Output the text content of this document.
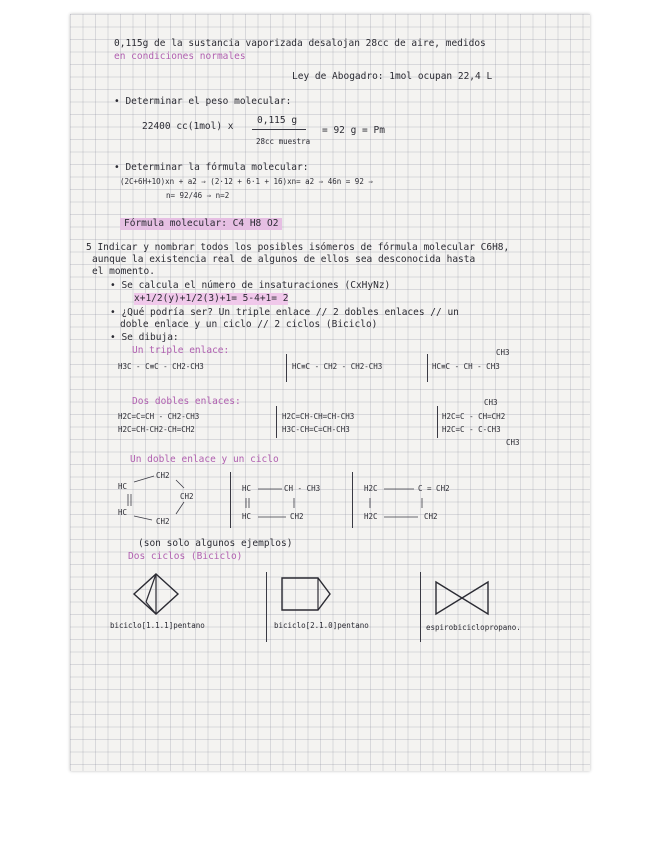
0,115g de la sustancia vaporizada desalojan 28cc de aire, medidos
en condiciones normales
Ley de Abogadro: 1mol ocupan 22,4 L
• Determinar el peso molecular:
22400 cc(1mol) x
0,115 g
28cc muestra
= 92 g = Pm
• Determinar la fórmula molecular:
(2C+6H+1O)xn + a2 ⇒ (2·12 + 6·1 + 16)xn= a2 ⇒ 46n = 92 ⇒
n= 92/46 ⇒ n=2
Fórmula molecular: C4 H8 O2
5 Indicar y nombrar todos los posibles isómeros de fórmula molecular C6H8,
aunque la existencia real de algunos de ellos sea desconocida hasta
el momento.
• Se calcula el número de insaturaciones (CxHyNz)
x+1/2(y)+1/2(3)+1= 5-4+1= 2
• ¿Qué podría ser? Un triple enlace // 2 dobles enlaces // un
doble enlace y un ciclo // 2 ciclos (Biciclo)
• Se dibuja:
Un triple enlace:
H3C - C≡C - CH2-CH3	HC≡C - CH2 - CH2-CH3
CH3
HC≡C - CH - CH3
Dos dobles enlaces:
H2C=C=CH - CH2-CH3
H2C=CH-CH2-CH=CH2
H2C=CH-CH=CH-CH3
H3C-CH=C=CH-CH3
CH3
H2C=C - CH=CH2
H2C=C - C-CH3
CH3
Un doble enlace y un ciclo
CH2
HC
CH2
HC
CH2
HC	CH - CH3
HC	CH2
H2C	C = CH2
H2C	CH2
(son solo algunos ejemplos)
Dos ciclos (Biciclo)
biciclo[1.1.1]pentano	biciclo[2.1.0]pentano	espirobiciclopropano.
